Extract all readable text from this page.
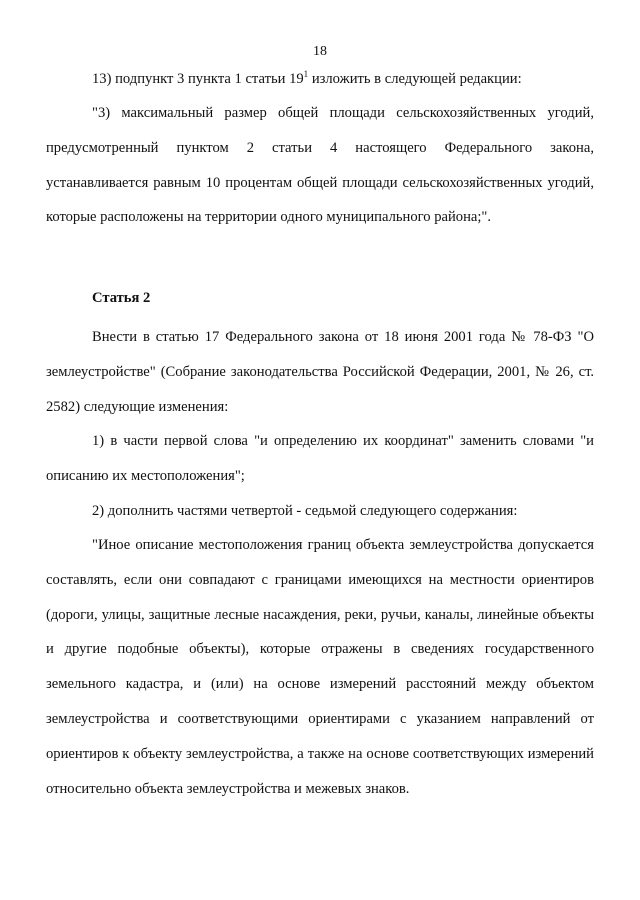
18

13) подпункт 3 пункта 1 статьи $19^1$ изложить в следующей редакции:

"3) максимальный размер общей площади сельскохозяйственных угодий, предусмотренный пунктом 2 статьи 4 настоящего Федерального закона, устанавливается равным 10 процентам общей площади сельскохозяйственных угодий, которые расположены на территории одного муниципального района;".

Статья 2

Внести в статью 17 Федерального закона от 18 июня 2001 года № 78-ФЗ "О землеустройстве" (Собрание законодательства Российской Федерации, 2001, № 26, ст. 2582) следующие изменения:

1) в части первой слова "и определению их координат" заменить словами "и описанию их местоположения";

2) дополнить частями четвертой - седьмой следующего содержания:

"Иное описание местоположения границ объекта землеустройства допускается составлять, если они совпадают с границами имеющихся на местности ориентиров (дороги, улицы, защитные лесные насаждения, реки, ручьи, каналы, линейные объекты и другие подобные объекты), которые отражены в сведениях государственного земельного кадастра, и (или) на основе измерений расстояний между объектом землеустройства и соответствующими ориентирами с указанием направлений от ориентиров к объекту землеустройства, а также на основе соответствующих измерений относительно объекта землеустройства и межевых знаков.
